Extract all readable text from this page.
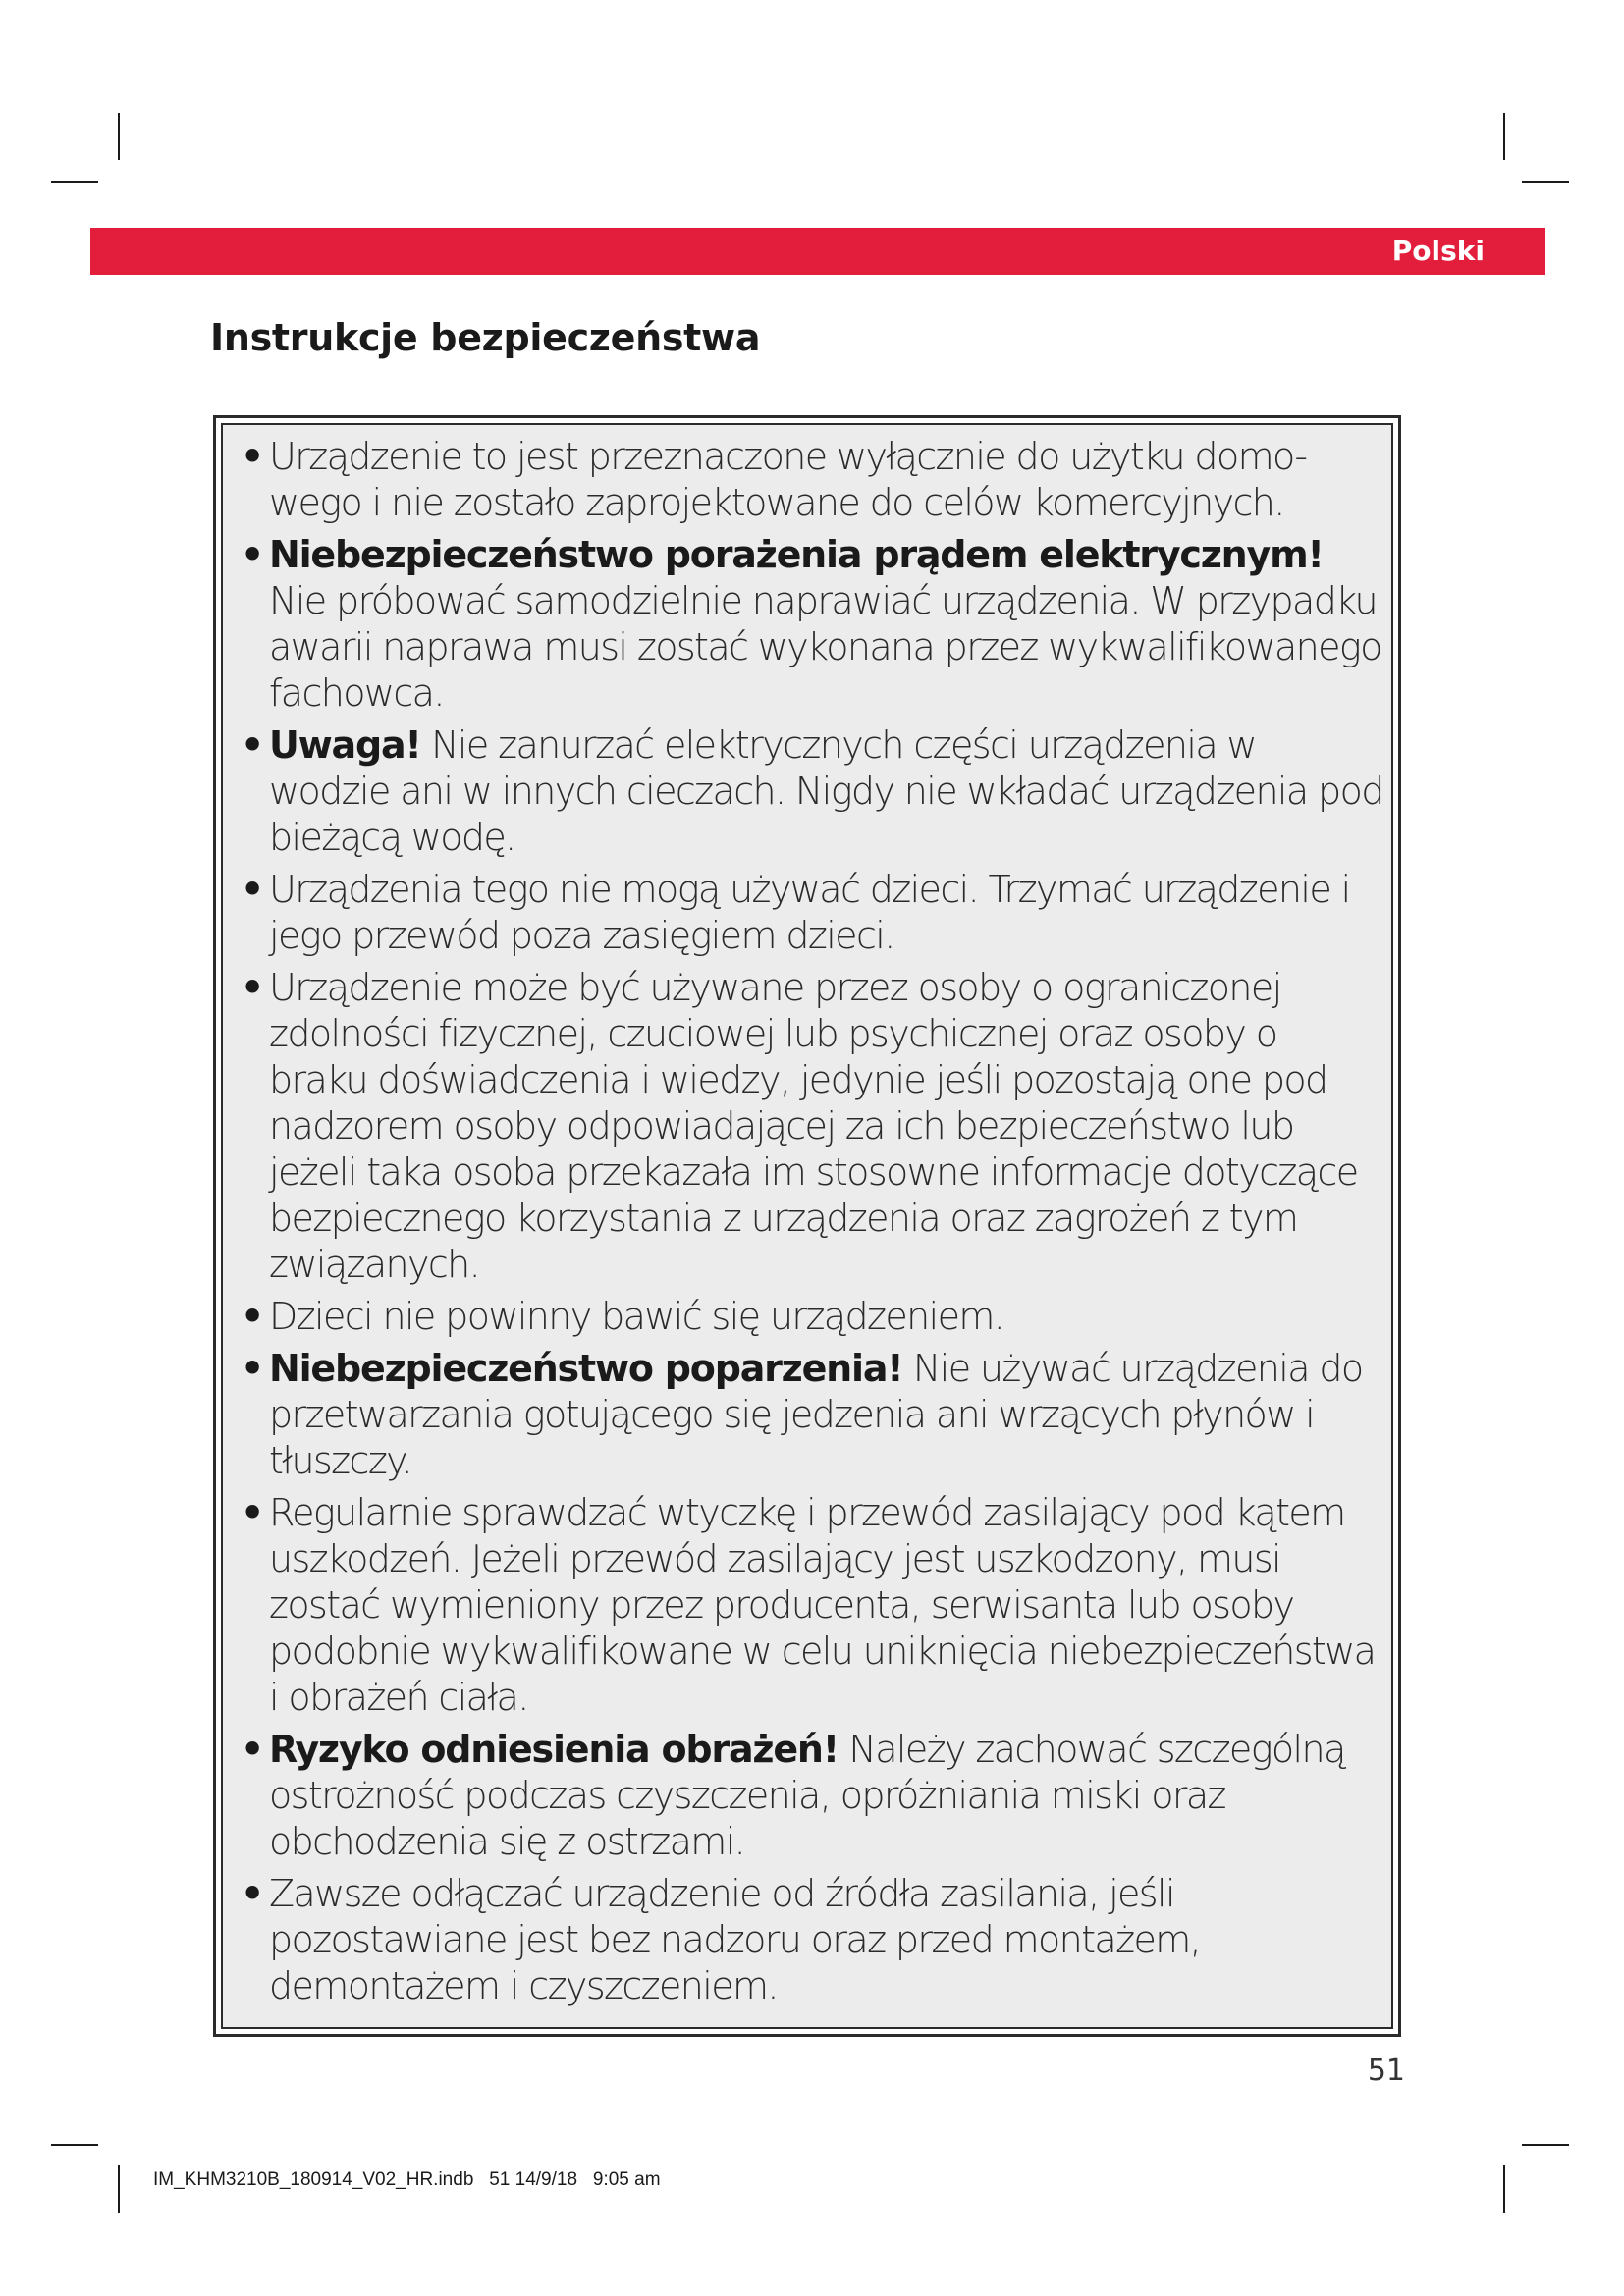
Polski
Instrukcje bezpieczeństwa
• Urządzenie to jest przeznaczone wyłącznie do użytku domo-wego i nie zostało zaprojektowane do celów komercyjnych.
• Niebezpieczeństwo porażenia prądem elektrycznym! Nie próbować samodzielnie naprawiać urządzenia. W przypadku awarii naprawa musi zostać wykonana przez wykwalifikowanego fachowca.
• Uwaga! Nie zanurzać elektrycznych części urządzenia w wodzie ani w innych cieczach. Nigdy nie wkładać urządzenia pod bieżącą wodę.
• Urządzenia tego nie mogą używać dzieci. Trzymać urządzenie i jego przewód poza zasięgiem dzieci.
• Urządzenie może być używane przez osoby o ograniczonej zdolności fizycznej, czuciowej lub psychicznej oraz osoby o braku doświadczenia i wiedzy, jedynie jeśli pozostają one pod nadzorem osoby odpowiadającej za ich bezpieczeństwo lub jeżeli taka osoba przekazała im stosowne informacje dotyczące bezpiecznego korzystania z urządzenia oraz zagrożeń z tym związanych.
• Dzieci nie powinny bawić się urządzeniem.
• Niebezpieczeństwo poparzenia! Nie używać urządzenia do przetwarzania gotującego się jedzenia ani wrzących płynów i tłuszczy.
• Regularnie sprawdzać wtyczkę i przewód zasilający pod kątem uszkodzeń. Jeżeli przewód zasilający jest uszkodzony, musi zostać wymieniony przez producenta, serwisanta lub osoby podobnie wykwalifikowane w celu uniknięcia niebezpieczeństwa i obrażeń ciała.
• Ryzyko odniesienia obrażeń! Należy zachować szczególną ostrożność podczas czyszczenia, opróżniania miski oraz obchodzenia się z ostrzami.
• Zawsze odłączać urządzenie od źródła zasilania, jeśli pozostawiane jest bez nadzoru oraz przed montażem, demontażem i czyszczeniem.
51
IM_KHM3210B_180914_V02_HR.indb   51 14/9/18   9:05 am
